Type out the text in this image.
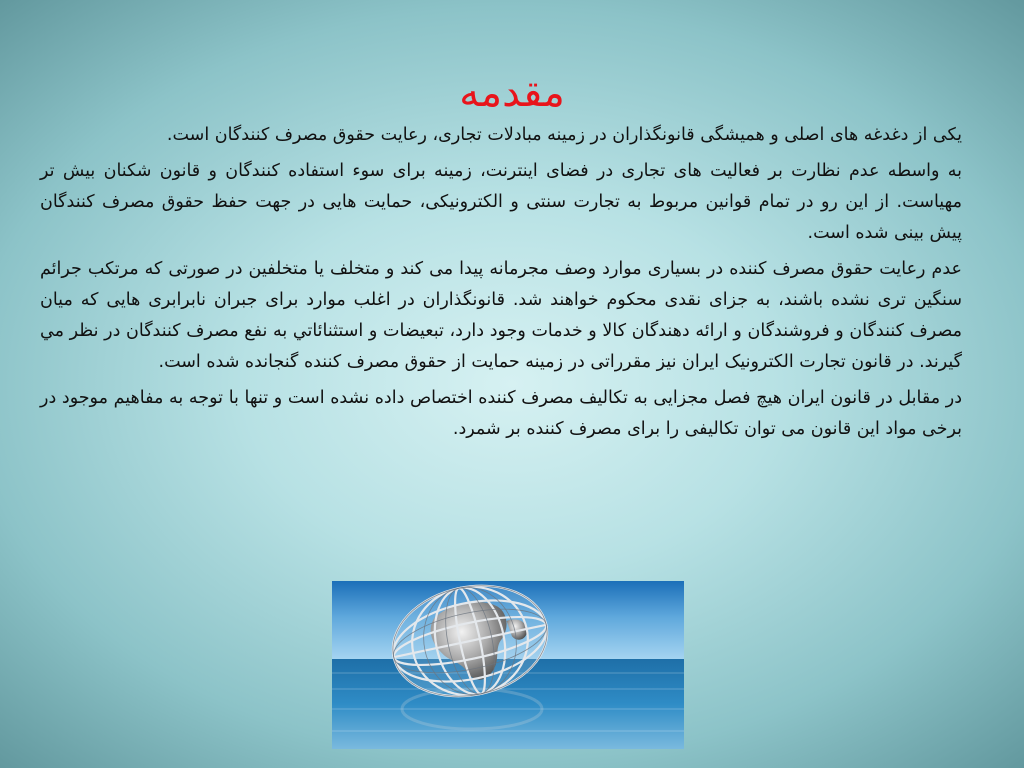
مقدمه

یکی از دغدغه های اصلی و همیشگی قانونگذاران در زمینه مبادلات تجاری، رعایت حقوق مصرف کنندگان است.

به واسطه عدم نظارت بر فعالیت های تجاری در فضای اینترنت، زمینه برای سوء استفاده کنندگان و قانون شکنان بیش تر مهیاست. از این رو در تمام قوانین مربوط به تجارت سنتی و الکترونیکی، حمایت هایی در جهت حفظ حقوق مصرف کنندگان پیش بینی شده است.

عدم رعایت حقوق مصرف کننده در بسیاری موارد وصف مجرمانه پیدا می کند و متخلف یا متخلفین در صورتی که مرتکب جرائم سنگین تری نشده باشند، به جزای نقدی محکوم خواهند شد. قانونگذاران در اغلب موارد برای جبران نابرابری هایی که میان مصرف کنندگان و فروشندگان و ارائه دهندگان کالا و خدمات وجود دارد، تبعیضات و استثنائاتي به نفع مصرف کنندگان در نظر مي گيرند. در قانون تجارت الکترونیک ایران نیز مقرراتی در زمینه حمایت از حقوق مصرف کننده گنجانده شده است.

در مقابل در قانون ایران هیچ فصل مجزایی به تکالیف مصرف کننده اختصاص داده نشده است و تنها با توجه به مفاهیم موجود در برخی مواد این قانون می توان تکالیفی را برای مصرف کننده بر شمرد.
